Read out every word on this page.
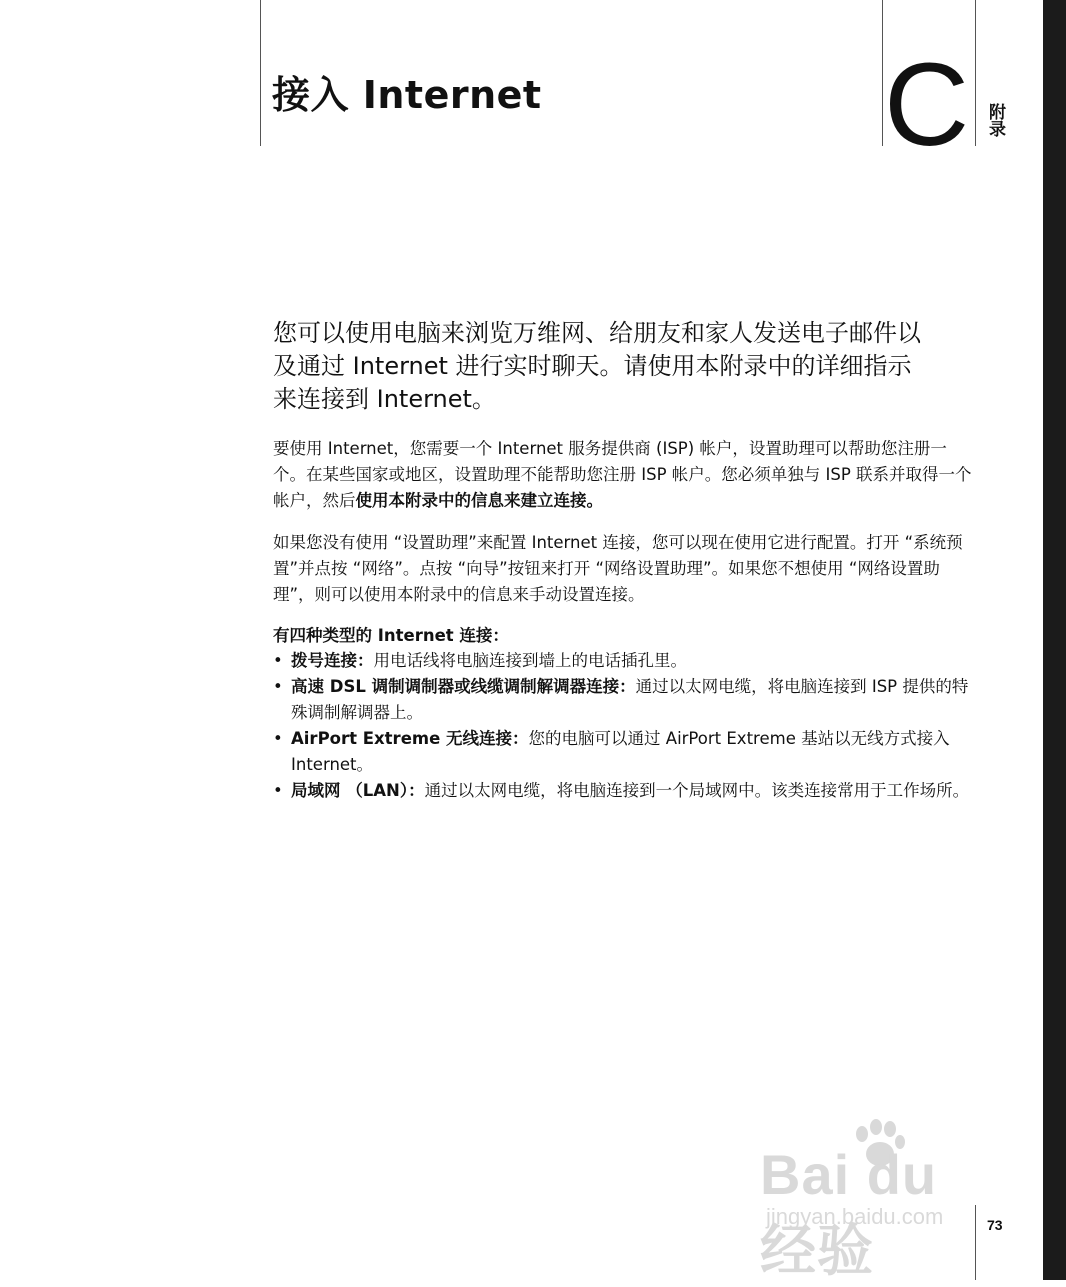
接入 Internet	C 附录
您可以使用电脑来浏览万维网、给朋友和家人发送电子邮件以及通过 Internet 进行实时聊天。请使用本附录中的详细指示来连接到 Internet。
要使用 Internet，您需要一个 Internet 服务提供商 (ISP) 帐户，设置助理可以帮助您注册一个。在某些国家或地区，设置助理不能帮助您注册 ISP 帐户。您必须单独与 ISP 联系并取得一个帐户，然后使用本附录中的信息来建立连接。
如果您没有使用 “设置助理”来配置 Internet 连接，您可以现在使用它进行配置。打开 “系统预置”并点按 “网络”。点按 “向导”按钮来打开 “网络设置助理”。如果您不想使用 “网络设置助理”，则可以使用本附录中的信息来手动设置连接。
有四种类型的 Internet 连接：
• 拨号连接：用电话线将电脑连接到墙上的电话插孔里。
• 高速 DSL 调制调制器或线缆调制解调器连接：通过以太网电缆，将电脑连接到 ISP 提供的特殊调制解调器上。
• AirPort Extreme 无线连接：您的电脑可以通过 AirPort Extreme 基站以无线方式接入 Internet。
• 局域网 （LAN）：通过以太网电缆，将电脑连接到一个局域网中。该类连接常用于工作场所。
Bai du 经验
jingyan.baidu.com	73
